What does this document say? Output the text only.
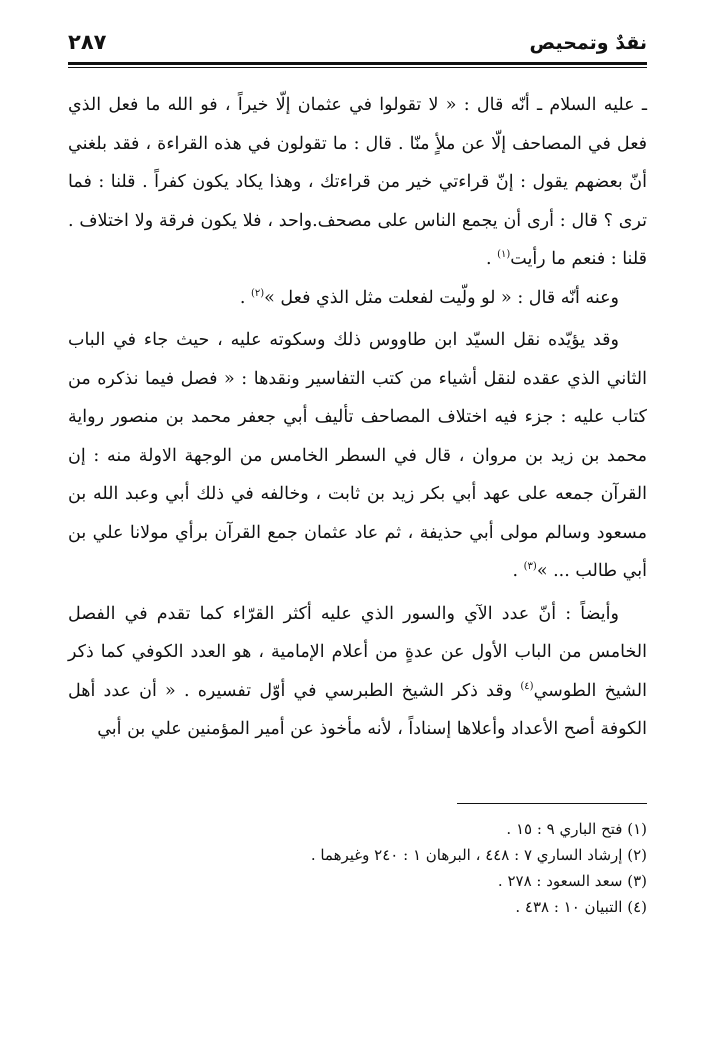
نقدٌ وتمحيص
٢٨٧

ـ عليه السلام ـ أنّه قال : « لا تقولوا في عثمان إلّا خيراً ، فو الله ما فعل الذي فعل في المصاحف إلّا عن ملأٍ منّا . قال : ما تقولون في هذه القراءة ، فقد بلغني أنّ بعضهم يقول : إنّ قراءتي خير من قراءتك ، وهذا يكاد يكون كفراً . قلنا : فما ترى ؟ قال : أرى أن يجمع الناس على مصحف.واحد ، فلا يكون فرقة ولا اختلاف . قلنا : فنعم ما رأيت$^{(١)}$ .

وعنه أنّه قال : « لو ولّيت لفعلت مثل الذي فعل »$^{(٢)}$ .

وقد يؤيّده نقل السيّد ابن طاووس ذلك وسكوته عليه ، حيث جاء في الباب الثاني الذي عقده لنقل أشياء من كتب التفاسير ونقدها : « فصل فيما نذكره من كتاب عليه : جزء فيه اختلاف المصاحف تأليف أبي جعفر محمد بن منصور رواية محمد بن زيد بن مروان ، قال في السطر الخامس من الوجهة الاولة منه : إن القرآن جمعه على عهد أبي بكر زيد بن ثابت ، وخالفه في ذلك أبي وعبد الله بن مسعود وسالم مولى أبي حذيفة ، ثم عاد عثمان جمع القرآن برأي مولانا علي بن أبي طالب ... »$^{(٣)}$ .

وأيضاً : أنّ عدد الآي والسور الذي عليه أكثر القرّاء كما تقدم في الفصل الخامس من الباب الأول عن عدةٍ من أعلام الإمامية ، هو العدد الكوفي كما ذكر الشيخ الطوسي$^{(٤)}$ وقد ذكر الشيخ الطبرسي في أوّل تفسيره . « أن عدد أهل الكوفة أصح الأعداد وأعلاها إسناداً ، لأنه مأخوذ عن أمير المؤمنين علي بن أبي

(١) فتح الباري ٩ : ١٥ .
(٢) إرشاد الساري ٧ : ٤٤٨ ، البرهان ١ : ٢٤٠ وغيرهما .
(٣) سعد السعود : ٢٧٨ .
(٤) التبيان ١٠ : ٤٣٨ .
